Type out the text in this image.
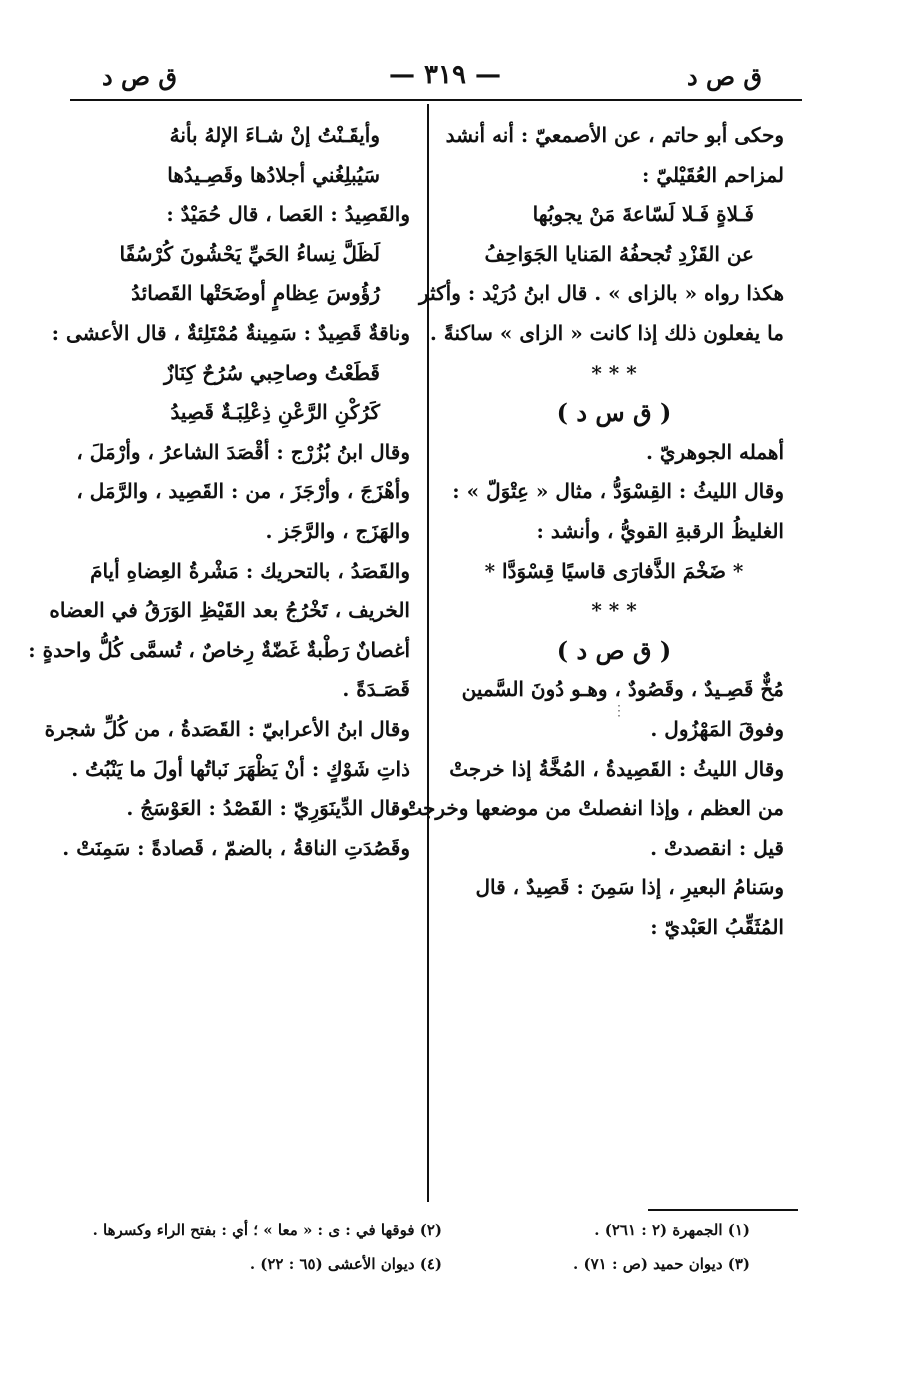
ق ص د
— ٣١٩ —
ق ص د
وحكى أبو حاتم ، عن الأصمعيّ : أنه أنشد
لمزاحم العُقَيْليّ :
فَـلاةٍ فَـلا لَسّاعةَ مَنْ يجوبُها
عن القَزْدِ تُجحفُهُ المَنايا الجَوَاحِفُ
هكذا رواه « بالزاى » . قال ابنُ دُرَيْد : وأكثر
ما يفعلون ذلك إذا كانت « الزاى » ساكنةً .
* * *
( ق س د )
أهمله الجوهريّ .
وقال الليثُ : القِسْوَدُّ ، مثال « عِتْوَلّ » :
الغليظُ الرقبةِ القويُّ ، وأنشد :
* ضَخْمَ الذَّفارَى قاسيًا قِسْوَدَّا *
* * *
( ق ص د )
مُخٌّ قَصِـيدٌ ، وقَصُودٌ ، وهـو دُونَ السَّمين
وفوقَ المَهْزُول .
وقال الليثُ : القَصِيدةُ ، المُخَّةُ إذا خرجتْ
من العظم ، وإذا انفصلتْ من موضعها وخرجتْ ،
قيل : انقصدتْ .
وسَنامُ البعيرِ ، إذا سَمِنَ : قَصِيدٌ ، قال
المُثَقِّبُ العَبْديّ :
وأيقَـنْتُ إنْ شـاءَ الإلهُ بأنهُ
سَيُبلِغُني أجلادُها وقَصِـيدُها
والقَصِيدُ : العَصا ، قال حُمَيْدٌ :
لَظَلَّ نِساءُ الحَيِّ يَحْشُونَ كُرْسُفًا
رُؤُوسَ عِظامٍ أوضَحَتْها القَصائدُ
وناقةٌ قَصِيدٌ : سَمِينةٌ مُمْتَلِئةٌ ، قال الأعشى :
قَطَعْتُ وصاحِبي سُرُحٌ كِنَازٌ
كَرُكْنِ الرَّعْنِ ذِعْلِبَـةٌ قَصِيدُ
وقال ابنُ بُزُرْج : أقْصَدَ الشاعرُ ، وأرْمَلَ ،
وأهْزَجَ ، وأرْجَزَ ، من : القَصِيد ، والرَّمَل ،
والهَزَج ، والرَّجَز .
والقَصَدُ ، بالتحريك : مَشْرةُ العِضاهِ أيامَ
الخريف ، تَخْرُجُ بعد القَيْظِ الوَرَقُ في العضاه
أغصانٌ رَطْبةٌ غَضّةٌ رِخاصٌ ، تُسمَّى كُلُّ واحدةٍ :
قَصَـدَةً .
وقال ابنُ الأعرابيّ : القَصَدةُ ، من كُلِّ شجرة
ذاتِ شَوْكٍ : أنْ يَظْهَرَ نَباتُها أولَ ما يَنْبُتُ .
وقال الدِّينَوَرِيّ : القَصْدُ : العَوْسَجُ .
وقَصُدَتِ الناقةُ ، بالضمّ ، قَصادةً : سَمِنَتْ .
⋮
(١) الجمهرة (٢ : ٢٦١) .
(٣) ديوان حميد (ص : ٧١) .
(٢) فوقها في : ى : « معا » ؛ أي : بفتح الراء وكسرها .
(٤) ديوان الأعشى (٦٥ : ٢٢) .
